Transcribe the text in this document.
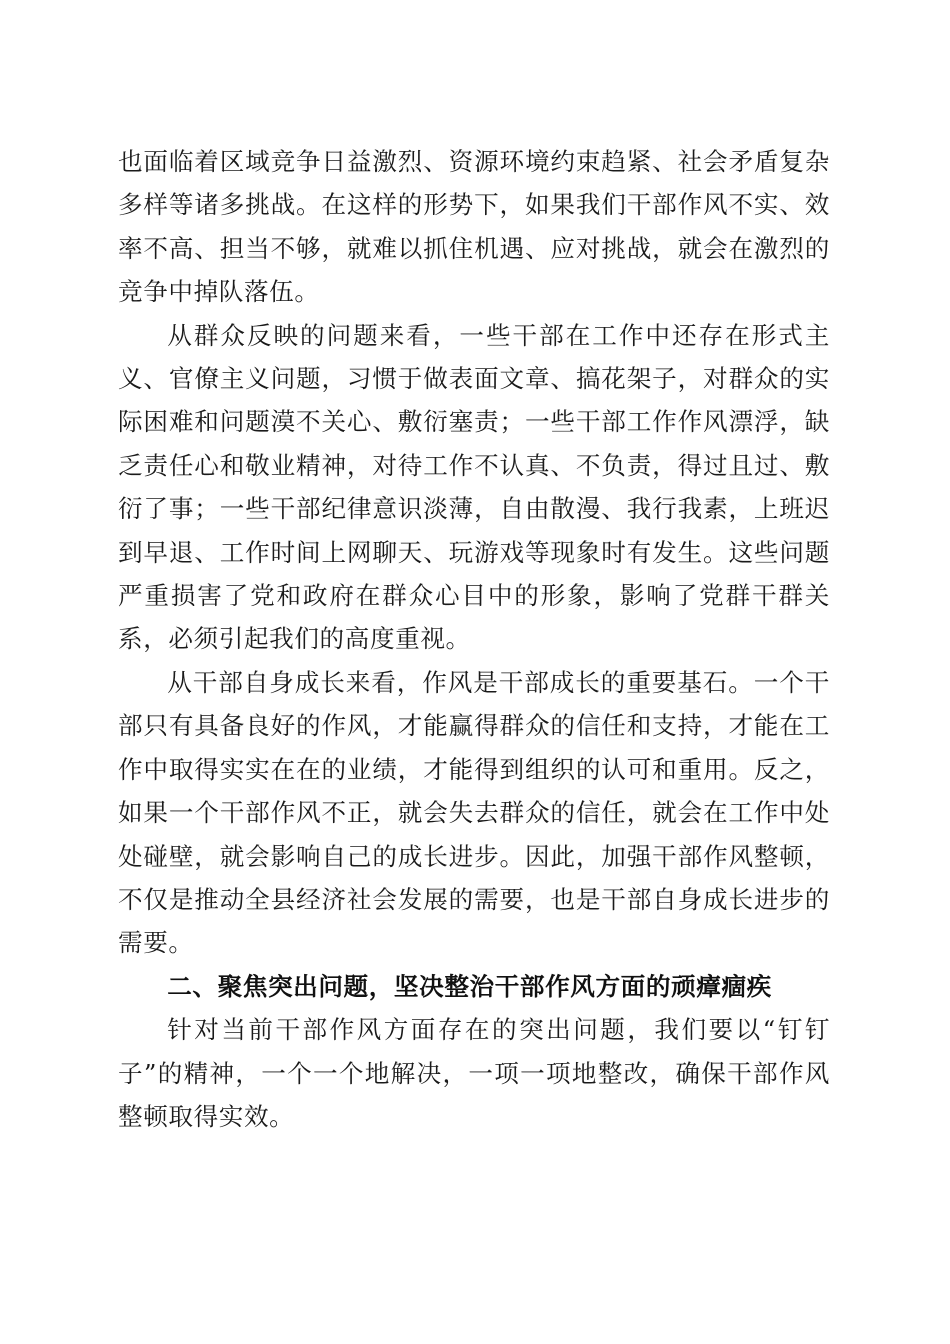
也面临着区域竞争日益激烈、资源环境约束趋紧、社会矛盾复杂多样等诸多挑战。在这样的形势下，如果我们干部作风不实、效率不高、担当不够，就难以抓住机遇、应对挑战，就会在激烈的竞争中掉队落伍。

从群众反映的问题来看，一些干部在工作中还存在形式主义、官僚主义问题，习惯于做表面文章、搞花架子，对群众的实际困难和问题漠不关心、敷衍塞责；一些干部工作作风漂浮，缺乏责任心和敬业精神，对待工作不认真、不负责，得过且过、敷衍了事；一些干部纪律意识淡薄，自由散漫、我行我素，上班迟到早退、工作时间上网聊天、玩游戏等现象时有发生。这些问题严重损害了党和政府在群众心目中的形象，影响了党群干群关系，必须引起我们的高度重视。

从干部自身成长来看，作风是干部成长的重要基石。一个干部只有具备良好的作风，才能赢得群众的信任和支持，才能在工作中取得实实在在的业绩，才能得到组织的认可和重用。反之，如果一个干部作风不正，就会失去群众的信任，就会在工作中处处碰壁，就会影响自己的成长进步。因此，加强干部作风整顿，不仅是推动全县经济社会发展的需要，也是干部自身成长进步的需要。

二、聚焦突出问题，坚决整治干部作风方面的顽瘴痼疾

针对当前干部作风方面存在的突出问题，我们要以“钉钉子”的精神，一个一个地解决，一项一项地整改，确保干部作风整顿取得实效。
